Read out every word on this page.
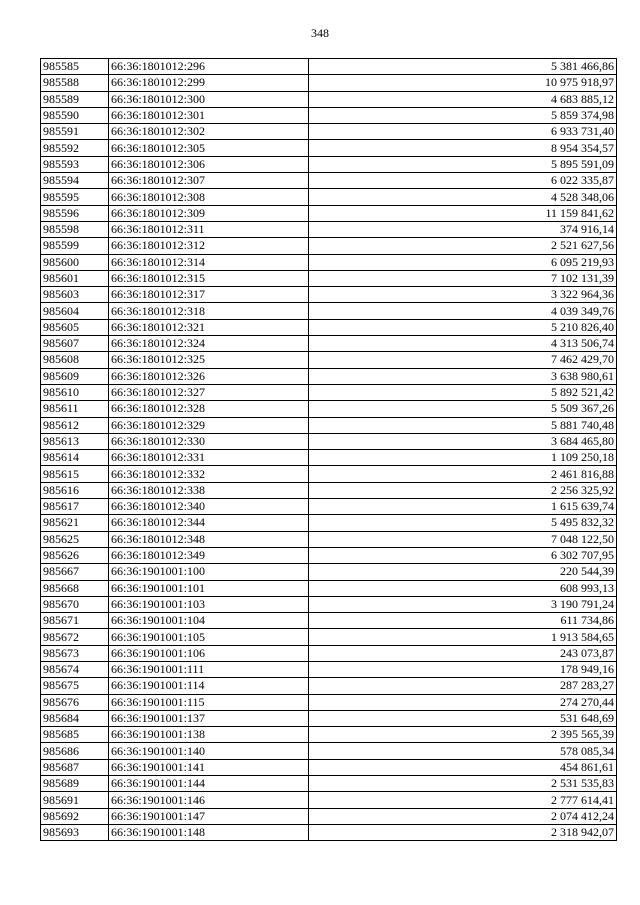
348
985585	66:36:1801012:296	5 381 466,86
985588	66:36:1801012:299	10 975 918,97
985589	66:36:1801012:300	4 683 885,12
985590	66:36:1801012:301	5 859 374,98
985591	66:36:1801012:302	6 933 731,40
985592	66:36:1801012:305	8 954 354,57
985593	66:36:1801012:306	5 895 591,09
985594	66:36:1801012:307	6 022 335,87
985595	66:36:1801012:308	4 528 348,06
985596	66:36:1801012:309	11 159 841,62
985598	66:36:1801012:311	374 916,14
985599	66:36:1801012:312	2 521 627,56
985600	66:36:1801012:314	6 095 219,93
985601	66:36:1801012:315	7 102 131,39
985603	66:36:1801012:317	3 322 964,36
985604	66:36:1801012:318	4 039 349,76
985605	66:36:1801012:321	5 210 826,40
985607	66:36:1801012:324	4 313 506,74
985608	66:36:1801012:325	7 462 429,70
985609	66:36:1801012:326	3 638 980,61
985610	66:36:1801012:327	5 892 521,42
985611	66:36:1801012:328	5 509 367,26
985612	66:36:1801012:329	5 881 740,48
985613	66:36:1801012:330	3 684 465,80
985614	66:36:1801012:331	1 109 250,18
985615	66:36:1801012:332	2 461 816,88
985616	66:36:1801012:338	2 256 325,92
985617	66:36:1801012:340	1 615 639,74
985621	66:36:1801012:344	5 495 832,32
985625	66:36:1801012:348	7 048 122,50
985626	66:36:1801012:349	6 302 707,95
985667	66:36:1901001:100	220 544,39
985668	66:36:1901001:101	608 993,13
985670	66:36:1901001:103	3 190 791,24
985671	66:36:1901001:104	611 734,86
985672	66:36:1901001:105	1 913 584,65
985673	66:36:1901001:106	243 073,87
985674	66:36:1901001:111	178 949,16
985675	66:36:1901001:114	287 283,27
985676	66:36:1901001:115	274 270,44
985684	66:36:1901001:137	531 648,69
985685	66:36:1901001:138	2 395 565,39
985686	66:36:1901001:140	578 085,34
985687	66:36:1901001:141	454 861,61
985689	66:36:1901001:144	2 531 535,83
985691	66:36:1901001:146	2 777 614,41
985692	66:36:1901001:147	2 074 412,24
985693	66:36:1901001:148	2 318 942,07
